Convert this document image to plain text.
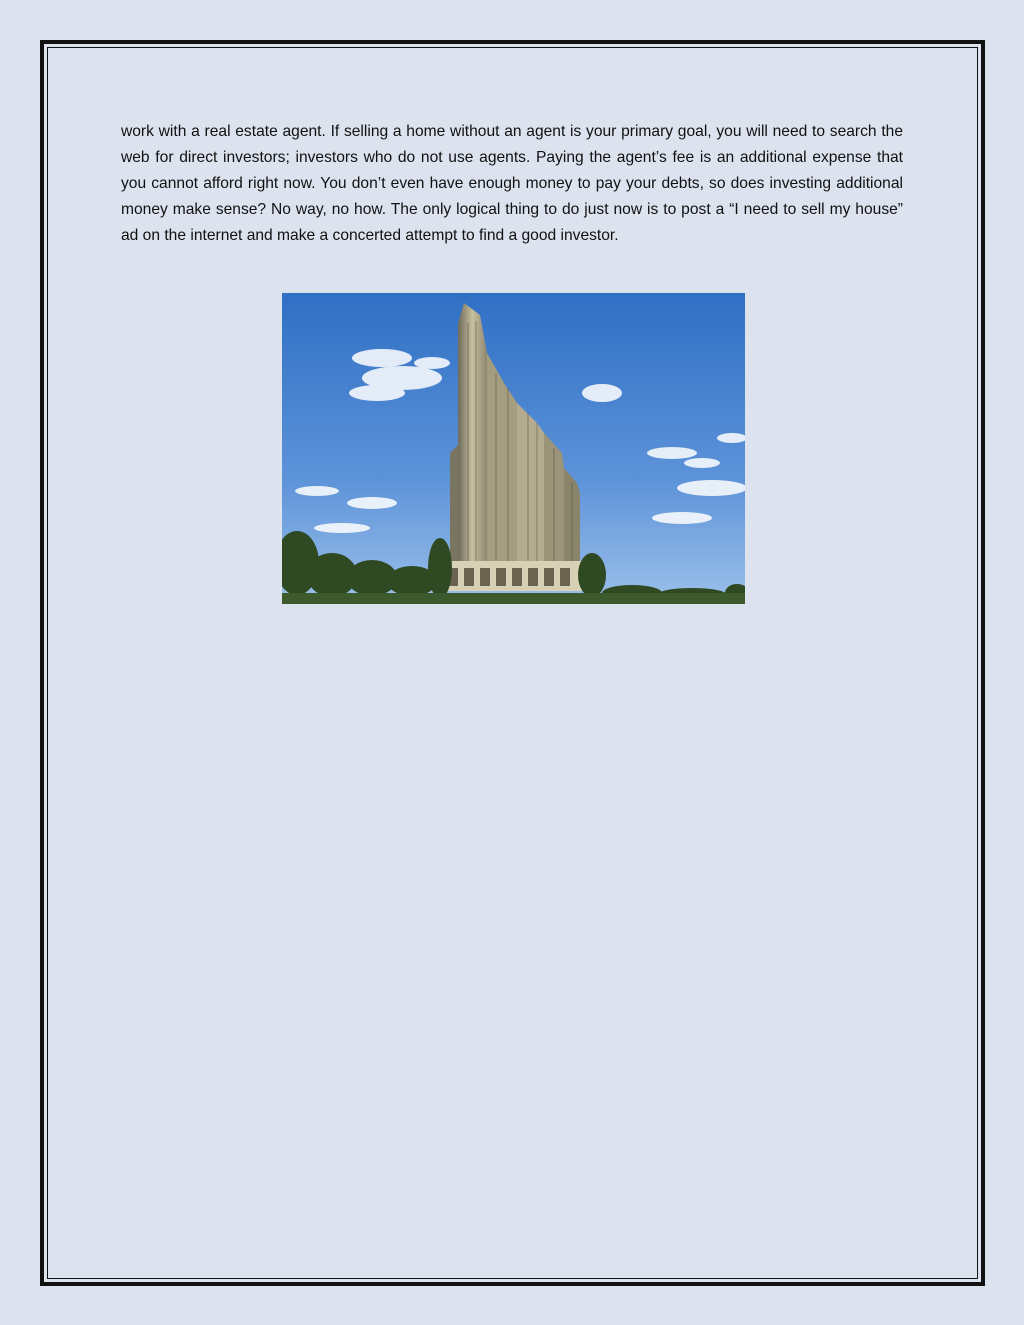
work with a real estate agent. If selling a home without an agent is your primary goal, you will need to search the web for direct investors; investors who do not use agents. Paying the agent’s fee is an additional expense that you cannot afford right now. You don’t even have enough money to pay your debts, so does investing additional money make sense? No way, no how. The only logical thing to do just now is to post a “I need to sell my house” ad on the internet and make a concerted attempt to find a good investor.
